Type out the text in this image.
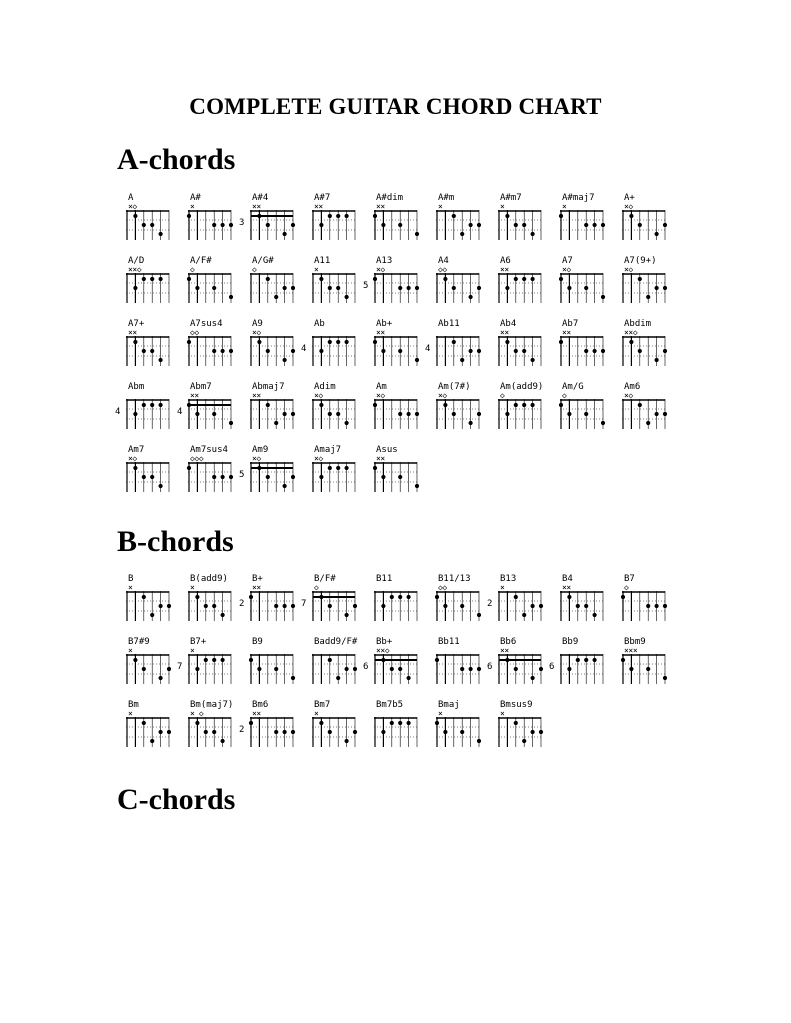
COMPLETE GUITAR CHORD CHART
A-chords
A
×◇
A#
×
A#4
××
3
A#7
××
A#dim
××
A#m
×
A#m7
×
A#maj7
×
A+
×◇
A/D
××◇
A/F#
◇
A/G#
◇
A11
×
A13
×◇
5
A4
◇◇
A6
××
A7
×◇
A7(9+)
×◇
A7+
××
A7sus4
◇◇
A9
×◇
Ab
4
Ab+
××
Ab11
4
Ab4
××
Ab7
××
Abdim
××◇
Abm
4
Abm7
××
4
Abmaj7
××
Adim
×◇
Am
×◇
Am(7#)
×◇
Am(add9)
◇
Am/G
◇
Am6
×◇
Am7
×◇
Am7sus4
◇◇◇
Am9
×◇
5
Amaj7
×◇
Asus
××
B-chords
B
×
B(add9)
×
B+
××
2
B/F#
◇
7
B11	B11/13
◇◇
B13
×
2
B4
××
B7
◇
B7#9
×
B7+
×
7
B9	Badd9/F#	Bb+
××◇
6
Bb11	Bb6
××
6
Bb9
6
Bbm9
×××
Bm
×
Bm(maj7)
× ◇
Bm6
××
2
Bm7
×
Bm7b5	Bmaj
×
Bmsus9
×
C-chords
